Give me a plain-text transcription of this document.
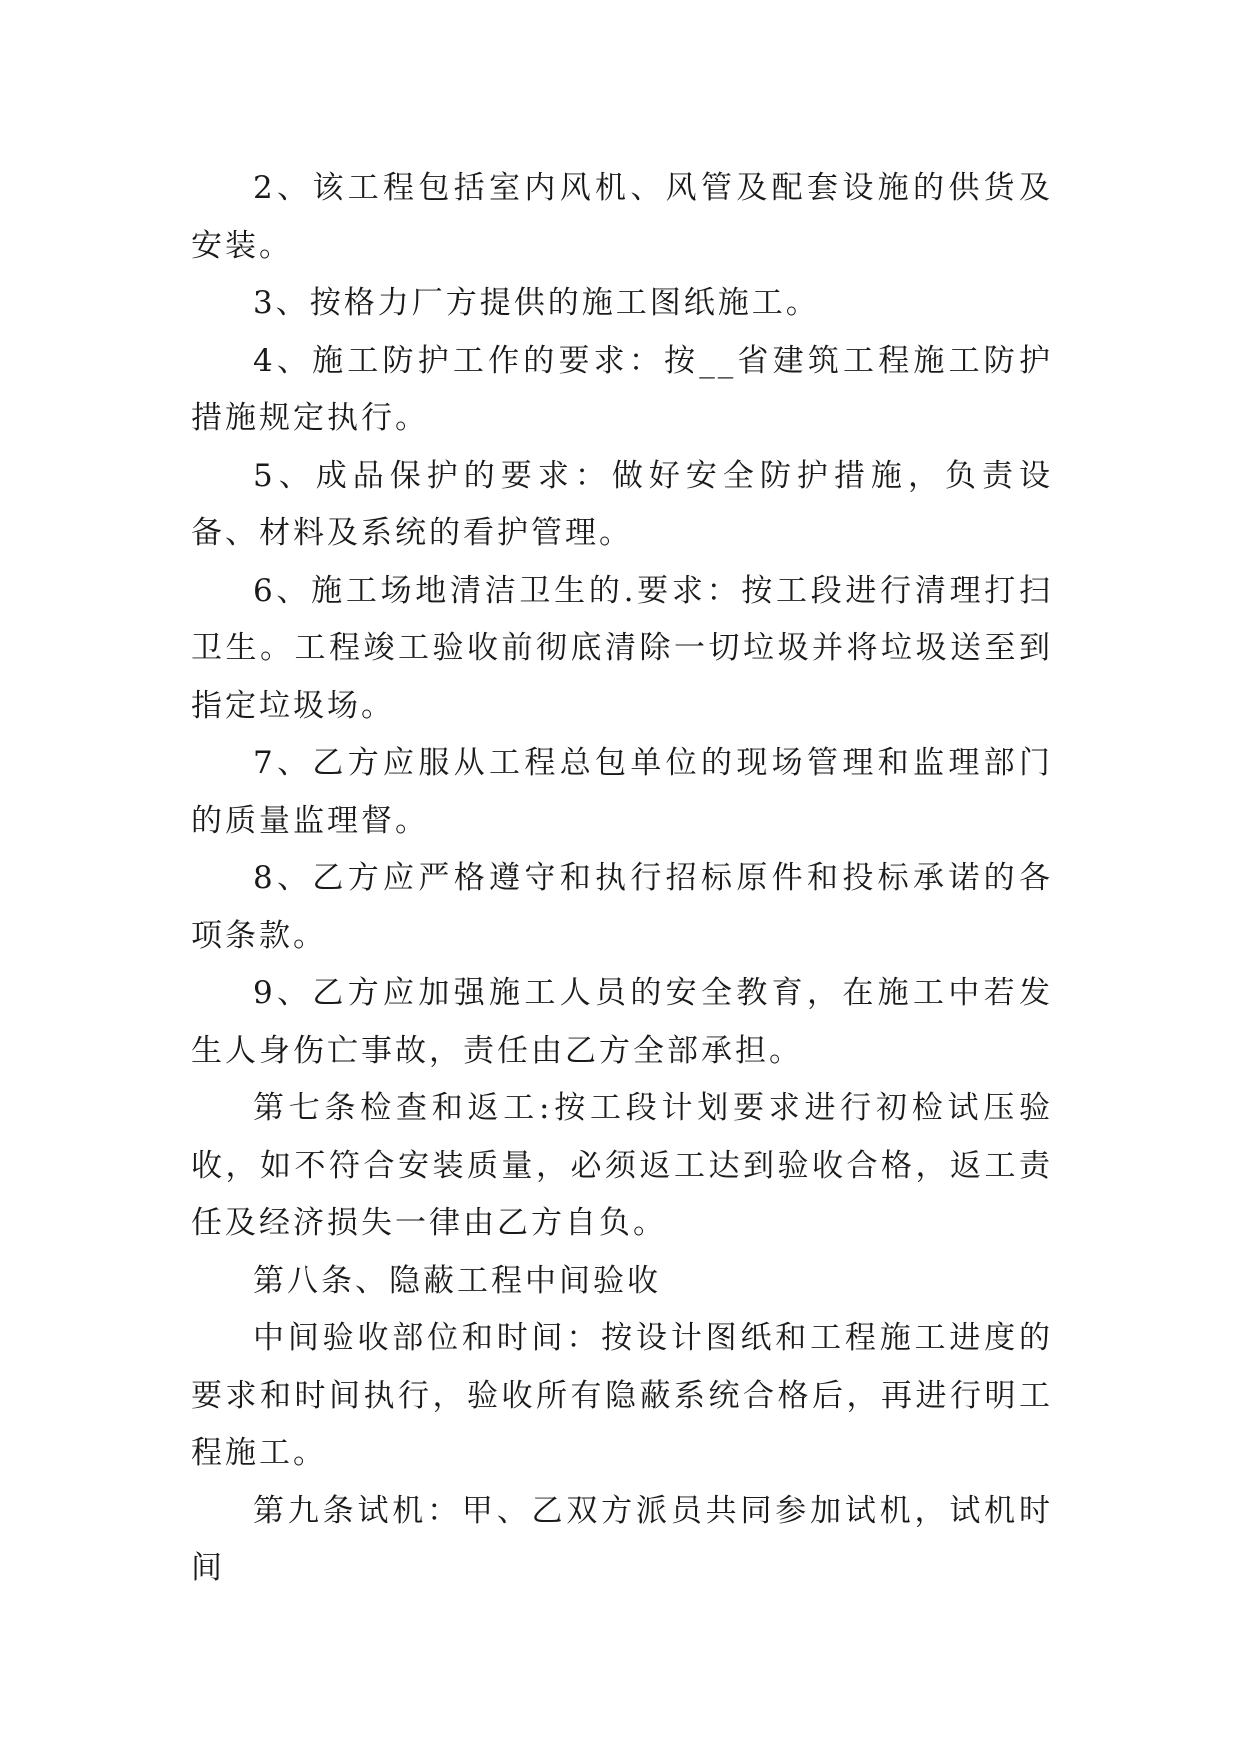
2、该工程包括室内风机、风管及配套设施的供货及安装。

3、按格力厂方提供的施工图纸施工。

4、施工防护工作的要求：按__省建筑工程施工防护措施规定执行。

5、成品保护的要求：做好安全防护措施，负责设备、材料及系统的看护管理。

6、施工场地清洁卫生的.要求：按工段进行清理打扫卫生。工程竣工验收前彻底清除一切垃圾并将垃圾送至到指定垃圾场。

7、乙方应服从工程总包单位的现场管理和监理部门的质量监理督。

8、乙方应严格遵守和执行招标原件和投标承诺的各项条款。

9、乙方应加强施工人员的安全教育，在施工中若发生人身伤亡事故，责任由乙方全部承担。

第七条检查和返工:按工段计划要求进行初检试压验收，如不符合安装质量，必须返工达到验收合格，返工责任及经济损失一律由乙方自负。

第八条、隐蔽工程中间验收

中间验收部位和时间：按设计图纸和工程施工进度的要求和时间执行，验收所有隐蔽系统合格后，再进行明工程施工。

第九条试机：甲、乙双方派员共同参加试机，试机时间
